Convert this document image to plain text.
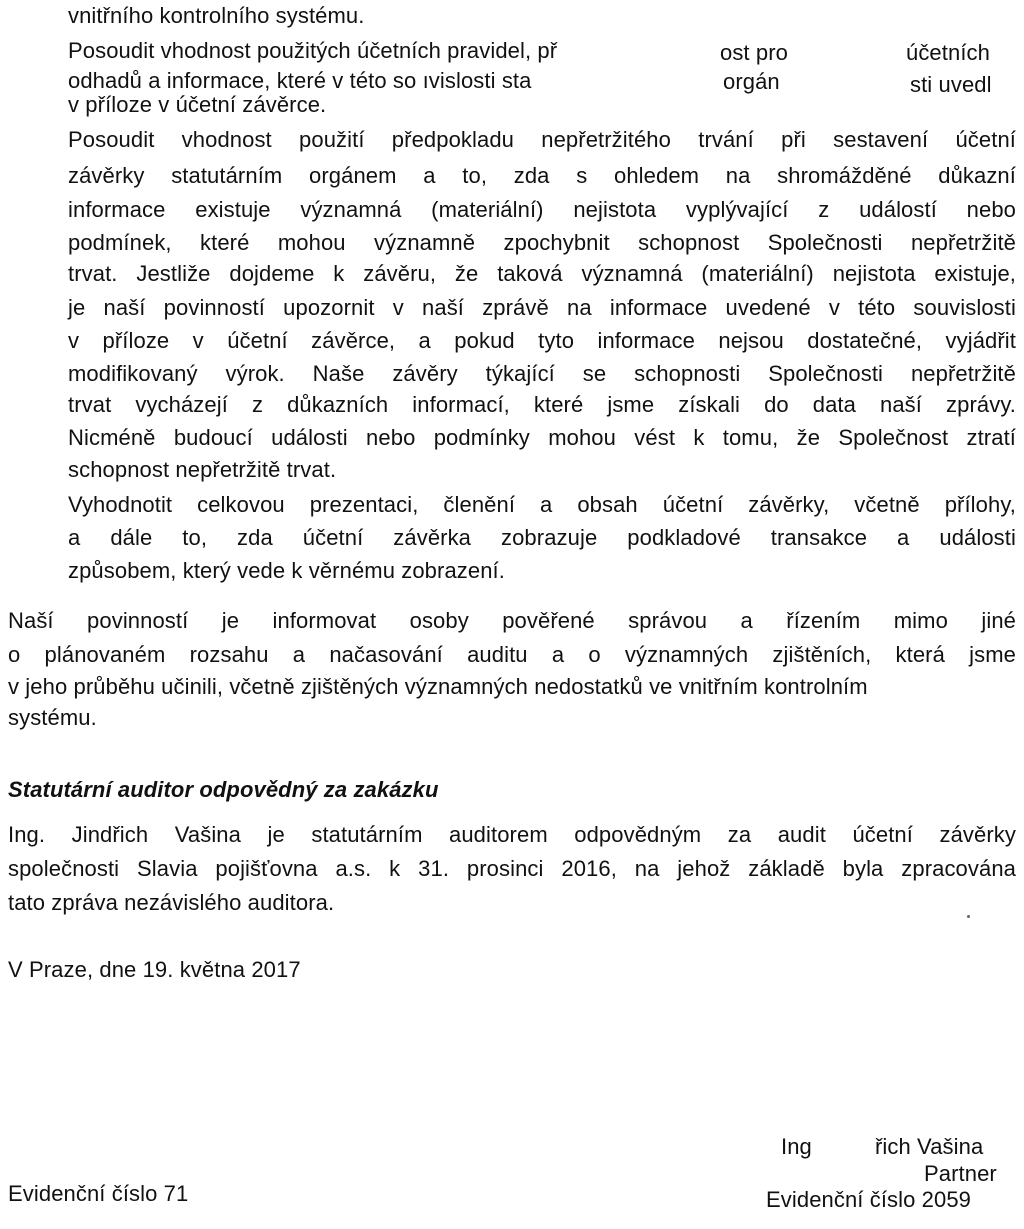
vnitřního kontrolního systému.
Posoudit vhodnost použitých účetních pravidel, př
odhadů a informace, které v této so ıvislosti sta
v příloze v účetní závěrce.
ost pro	účetních
orgán	sti uvedl
Posoudit vhodnost použití předpokladu nepřetržitého trvání při sestavení účetní
závěrky statutárním orgánem a to, zda s ohledem na shromážděné důkazní
informace existuje významná (materiální) nejistota vyplývající z událostí nebo
podmínek, které mohou významně zpochybnit schopnost Společnosti nepřetržitě
trvat. Jestliže dojdeme k závěru, že taková významná (materiální) nejistota existuje,
je naší povinností upozornit v naší zprávě na informace uvedené v této souvislosti
v příloze v účetní závěrce, a pokud tyto informace nejsou dostatečné, vyjádřit
modifikovaný výrok. Naše závěry týkající se schopnosti Společnosti nepřetržitě
trvat vycházejí z důkazních informací, které jsme získali do data naší zprávy.
Nicméně budoucí události nebo podmínky mohou vést k tomu, že Společnost ztratí
schopnost nepřetržitě trvat.
Vyhodnotit celkovou prezentaci, členění a obsah účetní závěrky, včetně přílohy,
a dále to, zda účetní závěrka zobrazuje podkladové transakce a události
způsobem, který vede k věrnému zobrazení.
Naší povinností je informovat osoby pověřené správou a řízením mimo jiné
o plánovaném rozsahu a načasování auditu a o významných zjištěních, která jsme
v jeho průběhu učinili, včetně zjištěných významných nedostatků ve vnitřním kontrolním
systému.
Statutární auditor odpovědný za zakázku
Ing. Jindřich Vašina je statutárním auditorem odpovědným za audit účetní závěrky
společnosti Slavia pojišťovna a.s. k 31. prosinci 2016, na jehož základě byla zpracována
tato zpráva nezávislého auditora.
V Praze, dne 19. května 2017
Evidenční číslo 71
Ing	řich Vašina
Partner
Evidenční číslo 2059
